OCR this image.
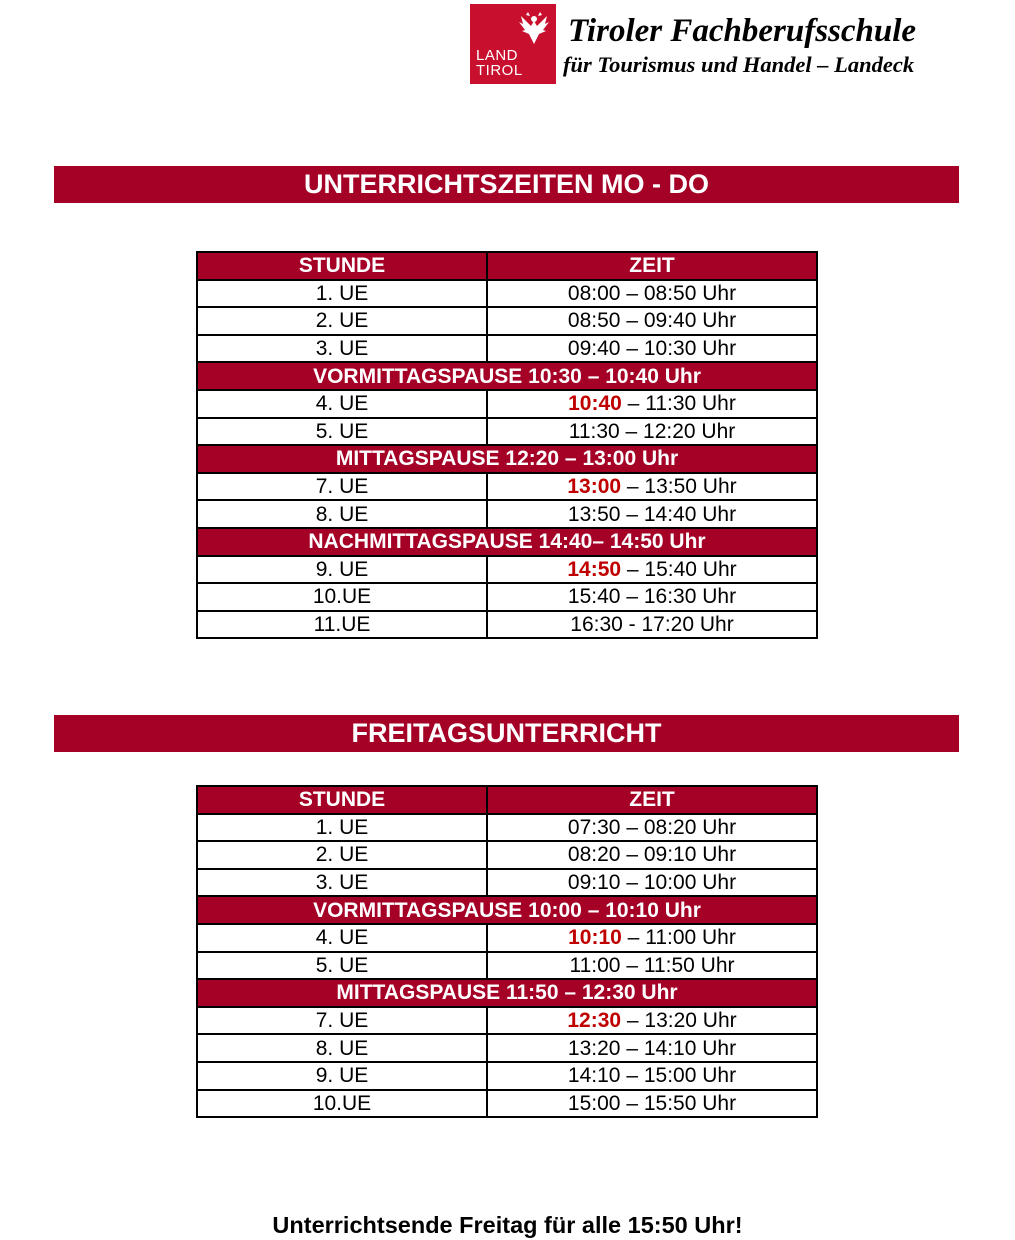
LAND
TIROL
Tiroler Fachberufsschule
für Tourismus und Handel – Landeck
UNTERRICHTSZEITEN MO - DO
STUNDE	ZEIT
1. UE	08:00 – 08:50 Uhr
2. UE	08:50 – 09:40 Uhr
3. UE	09:40 – 10:30 Uhr
VORMITTAGSPAUSE 10:30 – 10:40 Uhr	
4. UE	10:40 – 11:30 Uhr
5. UE	11:30 – 12:20 Uhr
MITTAGSPAUSE 12:20 – 13:00 Uhr	
7. UE	13:00 – 13:50 Uhr
8. UE	13:50 – 14:40 Uhr
NACHMITTAGSPAUSE 14:40– 14:50 Uhr	
9. UE	14:50 – 15:40 Uhr
10.UE	15:40 – 16:30 Uhr
11.UE	16:30 - 17:20 Uhr
FREITAGSUNTERRICHT
STUNDE	ZEIT
1. UE	07:30 – 08:20 Uhr
2. UE	08:20 – 09:10 Uhr
3. UE	09:10 – 10:00 Uhr
VORMITTAGSPAUSE 10:00 – 10:10 Uhr	
4. UE	10:10 – 11:00 Uhr
5. UE	11:00 – 11:50 Uhr
MITTAGSPAUSE 11:50 – 12:30 Uhr	
7. UE	12:30 – 13:20 Uhr
8. UE	13:20 – 14:10 Uhr
9. UE	14:10 – 15:00 Uhr
10.UE	15:00 – 15:50 Uhr
Unterrichtsende Freitag für alle 15:50 Uhr!
